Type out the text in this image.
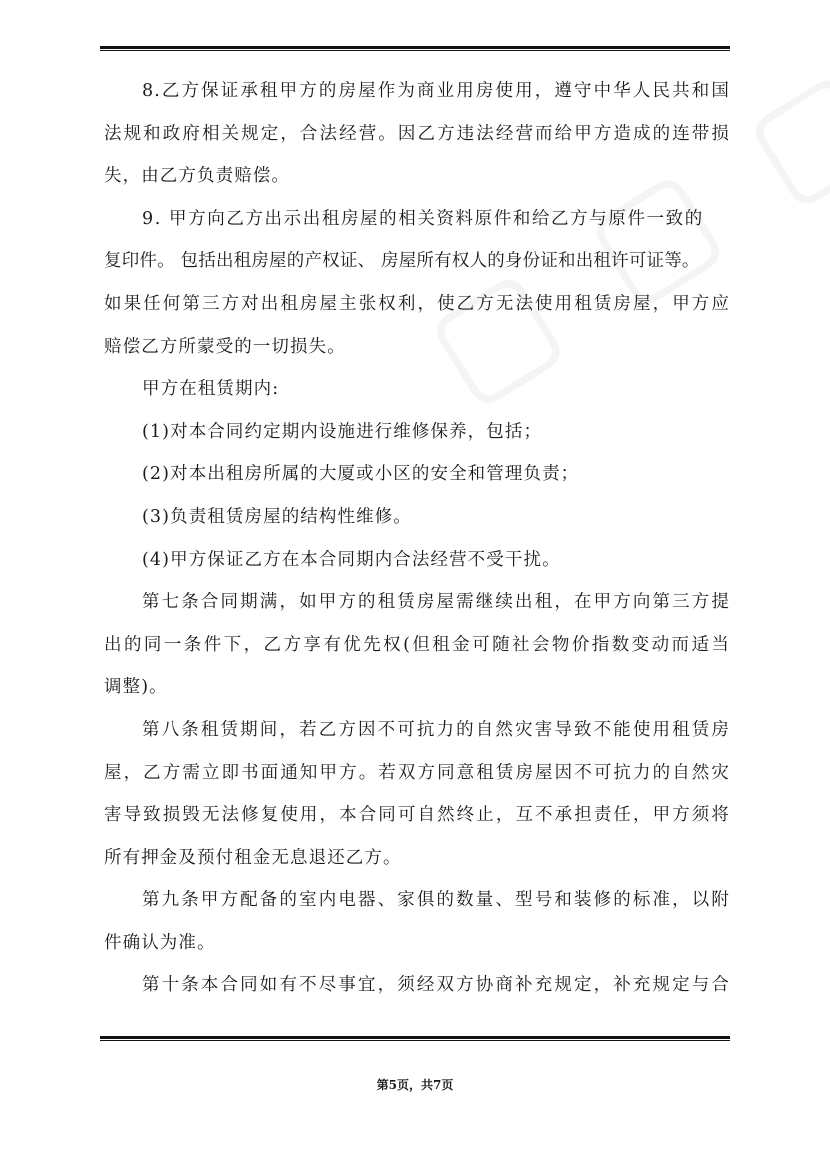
8.乙方保证承租甲方的房屋作为商业用房使用，遵守中华人民共和国
法规和政府相关规定，合法经营。因乙方违法经营而给甲方造成的连带损
失，由乙方负责赔偿。
9. 甲方向乙方出示出租房屋的相关资料原件和给乙方与原件一致的
复印件。 包括出租房屋的产权证、 房屋所有权人的身份证和出租许可证等。
如果任何第三方对出租房屋主张权利，使乙方无法使用租赁房屋，甲方应
赔偿乙方所蒙受的一切损失。
甲方在租赁期内:
(1)对本合同约定期内设施进行维修保养，包括；
(2)对本出租房所属的大厦或小区的安全和管理负责；
(3)负责租赁房屋的结构性维修。
(4)甲方保证乙方在本合同期内合法经营不受干扰。
第七条合同期满，如甲方的租赁房屋需继续出租，在甲方向第三方提
出的同一条件下，乙方享有优先权(但租金可随社会物价指数变动而适当
调整)。
第八条租赁期间，若乙方因不可抗力的自然灾害导致不能使用租赁房
屋，乙方需立即书面通知甲方。若双方同意租赁房屋因不可抗力的自然灾
害导致损毁无法修复使用，本合同可自然终止，互不承担责任，甲方须将
所有押金及预付租金无息退还乙方。
第九条甲方配备的室内电器、家俱的数量、型号和装修的标准，以附
件确认为准。
第十条本合同如有不尽事宜，须经双方协商补充规定，补充规定与合
第5页，共7页
